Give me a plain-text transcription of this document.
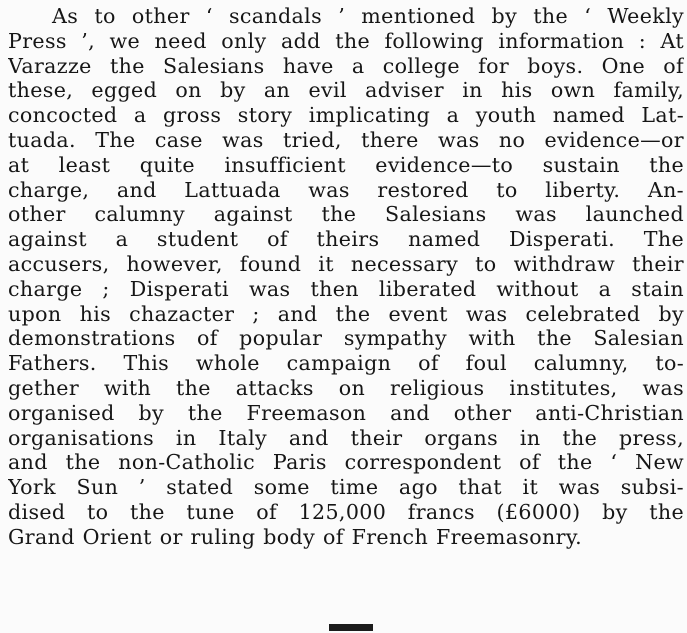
As to other ‘ scandals ’ mentioned by the ‘ Weekly
Press ’, we need only add the following information : At
Varazze the Salesians have a college for boys. One of
these, egged on by an evil adviser in his own family,
concocted a gross story implicating a youth named Lat-
tuada. The case was tried, there was no evidence—or
at least quite insufficient evidence—to sustain the
charge, and Lattuada was restored to liberty. An-
other calumny against the Salesians was launched
against a student of theirs named Disperati. The
accusers, however, found it necessary to withdraw their
charge ; Disperati was then liberated without a stain
upon his chazacter ; and the event was celebrated by
demonstrations of popular sympathy with the Salesian
Fathers. This whole campaign of foul calumny, to-
gether with the attacks on religious institutes, was
organised by the Freemason and other anti-Christian
organisations in Italy and their organs in the press,
and the non-Catholic Paris correspondent of the ‘ New
York Sun ’ stated some time ago that it was subsi-
dised to the tune of 125,000 francs (£6000) by the
Grand Orient or ruling body of French Freemasonry.
